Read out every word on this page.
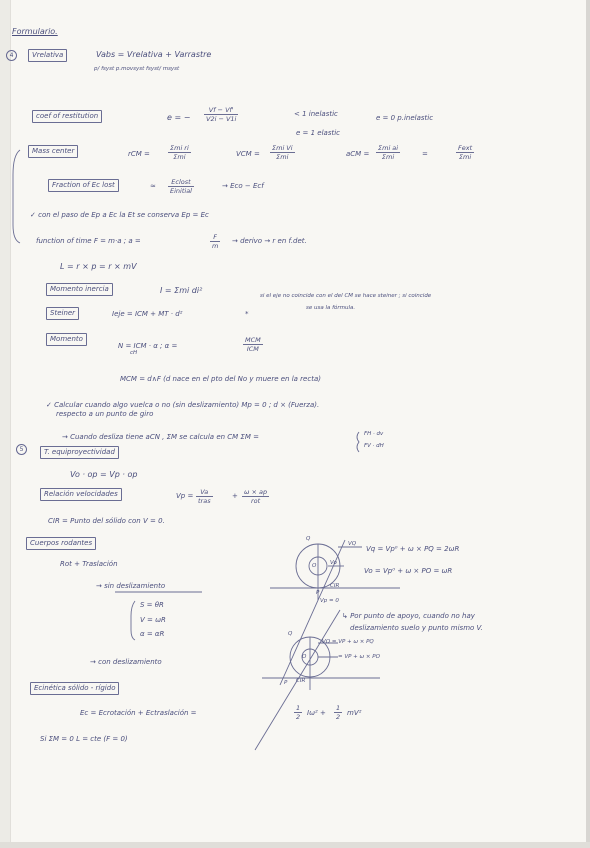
Formulario.
4	Vrelativa	Vabs = Vrelativa + Varrastre
p/ fsyst p.movsyst fsyst/ msyst
coef of restitution	e = − $\frac{Vf - Vf'}{V2i - V1i}$	< 1 inelastic
e = 1 elastic
e = 0 p.inelastic
Mass center	rCM =
Σmi ri
Σmi	VCM =
Σmi Vi
Σmi	aCM =
Σmi ai
Σmi	=
Fext
Σmi
Fraction of Ec lost	≈	Eclost
Einitial
→ Eco − Ecf
✓ con el paso de Ep a Ec la Et se conserva Ep = Ec
function of time F = m·a ; a =	$\frac{F}{m}$ → derivo → r en f.det.
L = r × p = r × mV
Momento inercia	I = Σmi di²
si el eje no coincide con el del CM se hace steiner ; si coincide
se usa la fórmula.
Steiner	Ieje = ICM + MT · d²	*
Momento
N = ICM · α ; α =
cH
MCM
ICM
MCM = d∧F (d nace en el pto del No y muere en la recta)
✓ Calcular cuando algo vuelca o no (sin deslizamiento) Mp = 0 ; d × (Fuerza).
respecto a un punto de giro
→ Cuando desliza tiene aCN , ΣM se calcula en CM ΣM =	FH · dv
FV · dH
5	T. equiproyectividad
Vo · op = Vp · op
Relación velocidades	Vp =	Va
tras
+ ω × ap
rot
CIR = Punto del sólido con V = 0.
Cuerpos rodantes
Rot + Traslación
→ sin deslizamiento
S = θR
V = ωR
α = αR
→ con deslizamiento
Q
O
P
CIR
VQ
Vo
Vp = 0
Vq = Vp⁰ + ω × PQ = 2ωR
Vo = Vp⁰ + ω × PO = ωR
↳ Por punto de apoyo, cuando no hay
deslizamiento suelo y punto mismo V.
Q
O
VQ = VP + ω × PQ
= VP + ω × PO
P CIR
Ecinética sólido - rígido
Ec = Ecrotación + Ectraslación =	$\frac{1}{2} I\omega^2 + \frac{1}{2} mV^2$
Si ΣM = 0 L = cte (F = 0)
